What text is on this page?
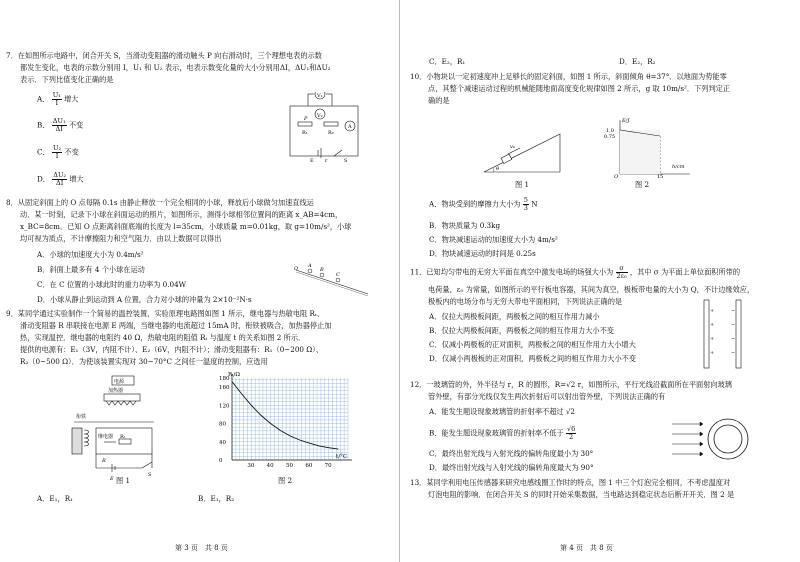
7．在如图所示电路中，闭合开关 S，当滑动变阻器的滑动触头 P 向右滑动时，三个理想电表的示数
都发生变化，电表的示数分别用 I，U₁ 和 U₂ 表示，电表示数变化量的大小分别用ΔI，ΔU₁和ΔU₂
表示．下列比值变化正确的是
A． $\frac{\text{U₁}}{I}$ 增大
B． $\frac{\text{ΔU₁}}{\Delta I}$ 不变
C． $\frac{\text{U₂}}{I}$ 不变
D． $\frac{\text{ΔU₂}}{\Delta I}$ 增大
V₁
V₂
P
R₁	R₂
A
E r	S
8．从固定斜面上的 O 点每隔 0.1s 由静止释放一个完全相同的小球，释放后小球做匀加速直线运
动．某一时刻，记录下小球在斜面运动的照片，如图所示，测得小球相邻位置间的距离 x_AB=4cm，
x_BC=8cm．已知 O 点距离斜面底端的长度为 l=35cm，小球质量 m=0.01kg，取 g=10m/s²，小球
均可视为质点，不计摩擦阻力和空气阻力．由以上数据可以得出
A．小球的加速度大小为 0.4m/s²
B．斜面上最多有 4 个小球在运动
C．在 C 位置的小球此时的重力功率为 0.04W
D．小球从静止到运动到 A 位置，合力对小球的冲量为 2×10⁻²N·s
O A
B
C
9．某同学通过实验制作一个简易的温控装置，实验原理电路图如图 1 所示，继电器与热敏电阻 Rₜ、
滑动变阻器 R 串联接在电源 E 两端，当继电器的电流超过 15mA 时，衔铁被吸合，加热器停止加
热，实现温控．继电器的电阻约 40 Ω，热敏电阻的阻值 Rₜ 与温度 t 的关系如图 2 所示．
提供的电源有：E₁（3V，内阻不计）、E₂（6V，内阻不计）；滑动变阻器有：R₁（0~200 Ω）、
R₂（0~500 Ω）．为使该装置实现对 30~70°C 之间任一温度的控制，应选用
电源
加热器
衔铁
继电器 Rₜ
R
E
S
图 1
30 40 50 60 70
0
40
80
120
160
180
Rₜ/Ω
t/°C
图 2
A．E₁，R₁	B．E₁，R₂
第 3 页　共 8 页
C．E₂，R₁	D．E₂，R₂
10．小物块以一定初速度冲上足够长的固定斜面，如图 1 所示，斜面倾角 θ=37°．以地面为势能零
点，其整个减速运动过程的机械能随地面高度变化规律如图 2 所示，g 取 10m/s²．下列判定正
确的是
v₀
θ
图 1
E/J
1.0
0.75
h/cm
O	15
图 2
A．物块受到的摩擦力大小为 $\frac{5}{3}$ N
B．物块质量为 0.3kg
C．物块减速运动的加速度大小为 4m/s²
D．物块减速运动的时间是 0.25s
11．已知均匀带电的无穷大平面在真空中激发电场的场强大小为 $\frac{\sigma}{\text{2ε₀}}$ ，其中 σ 为平面上单位面积所带的
电荷量，ε₀ 为常量，如图所示的平行板电容器，其间为真空，极板带电量的大小为 Q，不计边缘效应，
极板内的电场分布与无穷大带电平面相同，下列说法正确的是
A．仅拉大两极板间距，两极板之间的相互作用力减小
B．仅拉大两极板间距，两极板之间的相互作用力大小不变
C．仅减小两极板的正对面积，两极板之间的相互作用力大小增大
D．仅减小两极板的正对面积，两极板之间的相互作用力大小不变
+
+
+
+
−
−
−
−
12．一玻璃管的外，外半径与 r，R 的圆形，R=√2 r，如图所示，平行光线沿截面所在平面射向玻璃
管外壁，有部分光线仅发生两次折射后可以射出管外壁，下列说法正确的有
A．能发生题设现象玻璃管的折射率不超过 √2
B．能发生题设现象玻璃管的折射率不低于 $\frac{√6}{2}$
C．最终出射光线与入射光线的偏转角度最小为 30°
D．最终出射光线与入射光线的偏转角度最大为 90°
13．某同学利用电压传感器来研究电感线圈工作时的特点，图 1 中三个灯泡完全相同，不考虑温度对
灯泡电阻的影响．在闭合开关 S 的同时开始采集数据，当电路达到稳定状态后断开开关．图 2 是
第 4 页　共 8 页
